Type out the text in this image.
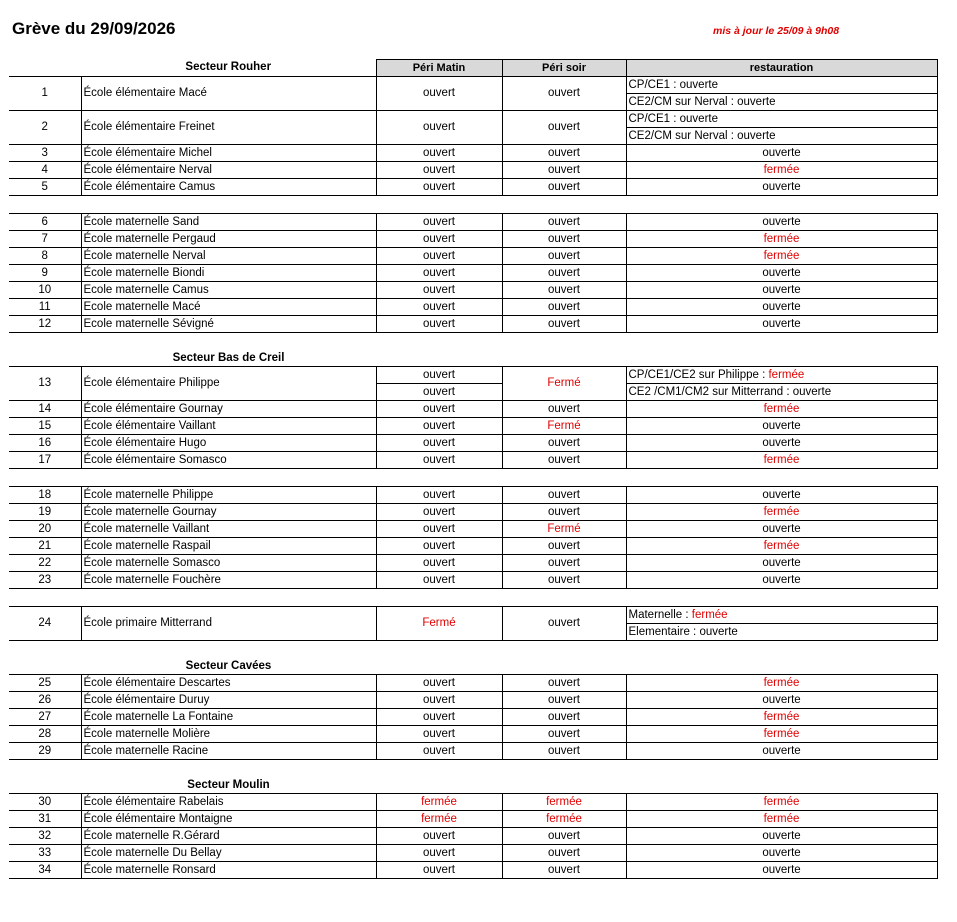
Grève du 29/09/2026	mis à jour le 25/09 à 9h08
	Secteur Rouher	Péri Matin	Péri soir	restauration
1	École élémentaire Macé	ouvert	ouvert	CP/CE1 : ouverte
				CE2/CM sur Nerval : ouverte
2	École élémentaire Freinet	ouvert	ouvert	CP/CE1 : ouverte
				CE2/CM sur Nerval : ouverte
3	École élémentaire Michel	ouvert	ouvert	ouverte
4	École élémentaire Nerval	ouvert	ouvert	fermée
5	École élémentaire Camus	ouvert	ouvert	ouverte

6	École maternelle Sand	ouvert	ouvert	ouverte
7	École maternelle Pergaud	ouvert	ouvert	fermée
8	École maternelle Nerval	ouvert	ouvert	fermée
9	École maternelle Biondi	ouvert	ouvert	ouverte
10	Ecole maternelle Camus	ouvert	ouvert	ouverte
11	Ecole maternelle Macé	ouvert	ouvert	ouverte
12	Ecole maternelle Sévigné	ouvert	ouvert	ouverte

	Secteur Bas de Creil			
13	École élémentaire Philippe	ouvert	Fermé	CP/CE1/CE2 sur Philippe : fermée
		ouvert		CE2 /CM1/CM2 sur Mitterrand : ouverte
14	École élémentaire Gournay	ouvert	ouvert	fermée
15	École élémentaire Vaillant	ouvert	Fermé	ouverte
16	École élémentaire Hugo	ouvert	ouvert	ouverte
17	École élémentaire Somasco	ouvert	ouvert	fermée

18	École maternelle Philippe	ouvert	ouvert	ouverte
19	École maternelle Gournay	ouvert	ouvert	fermée
20	École maternelle Vaillant	ouvert	Fermé	ouverte
21	École maternelle Raspail	ouvert	ouvert	fermée
22	École maternelle Somasco	ouvert	ouvert	ouverte
23	École maternelle Fouchère	ouvert	ouvert	ouverte

24	École primaire Mitterrand	Fermé	ouvert	Maternelle : fermée
				Elementaire : ouverte

	Secteur Cavées			
25	École élémentaire Descartes	ouvert	ouvert	fermée
26	École élémentaire Duruy	ouvert	ouvert	ouverte
27	École maternelle La Fontaine	ouvert	ouvert	fermée
28	École maternelle Molière	ouvert	ouvert	fermée
29	École maternelle Racine	ouvert	ouvert	ouverte

	Secteur Moulin			
30	École élémentaire Rabelais	fermée	fermée	fermée
31	École élémentaire Montaigne	fermée	fermée	fermée
32	École maternelle R.Gérard	ouvert	ouvert	ouverte
33	École maternelle Du Bellay	ouvert	ouvert	ouverte
34	École maternelle Ronsard	ouvert	ouvert	ouverte
